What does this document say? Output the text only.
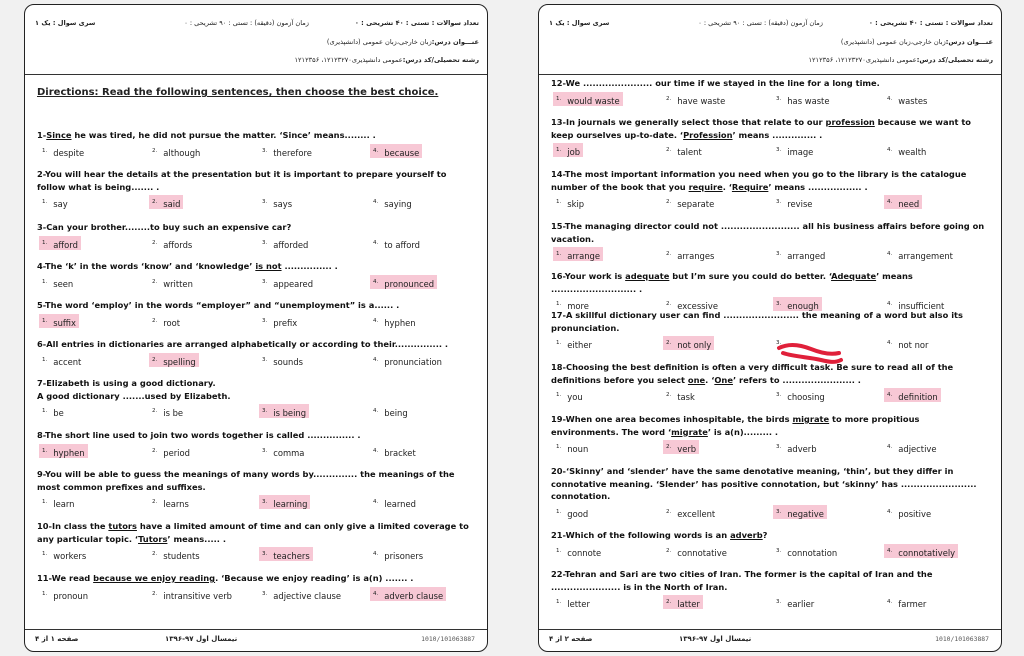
تعداد سوالات : تستی : ۴۰ تشریحی : ۰
زمان آزمون (دقیقه) : تستی : ۹۰ تشریحی : ۰
سری سوال : یک ۱
عنـــوان درس:زبان خارجی،زبان عمومی (دانشپذیری)
رشته تحصیلی/کد درس:عمومی دانشپذیری۱۲۱۲۳۲۷۰، ۱۲۱۲۳۵۶
Directions: Read the following sentences, then choose the best choice.
1-Since he was tired, he did not pursue the matter. ‘Since’ means........ .
$^{1.}$ despite	$^{2.}$ although	$^{3.}$ therefore	$^{4.}$ because
2-You will hear the details at the presentation but it is important to prepare yourself to follow what is being....... .
$^{1.}$ say	$^{2.}$ said	$^{3.}$ says	$^{4.}$ saying
3-Can your brother........to buy such an expensive car?
$^{1.}$ afford	$^{2.}$ affords	$^{3.}$ afforded	$^{4.}$ to afford
4-The ‘k’ in the words ‘know’ and ‘knowledge’ is not ............... .
$^{1.}$ seen	$^{2.}$ written	$^{3.}$ appeared	$^{4.}$ pronounced
5-The word ‘employ’ in the words “employer” and “unemployment” is a...... .
$^{1.}$ suffix	$^{2.}$ root	$^{3.}$ prefix	$^{4.}$ hyphen
6-All entries in dictionaries are arranged alphabetically or according to their............... .
$^{1.}$ accent	$^{2.}$ spelling	$^{3.}$ sounds	$^{4.}$ pronunciation
7-Elizabeth is using a good dictionary.
A good dictionary .......used by Elizabeth.
$^{1.}$ be	$^{2.}$ is be	$^{3.}$ is being	$^{4.}$ being
8-The short line used to join two words together is called ............... .
$^{1.}$ hyphen	$^{2.}$ period	$^{3.}$ comma	$^{4.}$ bracket
9-You will be able to guess the meanings of many words by.............. the meanings of the most common prefixes and suffixes.
$^{1.}$ learn	$^{2.}$ learns	$^{3.}$ learning	$^{4.}$ learned
10-In class the tutors have a limited amount of time and can only give a limited coverage to any particular topic. ‘Tutors’ means..... .
$^{1.}$ workers	$^{2.}$ students	$^{3.}$ teachers	$^{4.}$ prisoners
11-We read because we enjoy reading. ‘Because we enjoy reading’ is a(n) ....... .
$^{1.}$ pronoun	$^{2.}$ intransitive verb	$^{3.}$ adjective clause	$^{4.}$ adverb clause
صفحه ۱ از ۴	نیمسال اول ۹۷-۱۳۹۶	1010/101063887
تعداد سوالات : تستی : ۴۰ تشریحی : ۰
زمان آزمون (دقیقه) : تستی : ۹۰ تشریحی : ۰
سری سوال : یک ۱
عنـــوان درس:زبان خارجی،زبان عمومی (دانشپذیری)
رشته تحصیلی/کد درس:عمومی دانشپذیری۱۲۱۲۳۲۷۰، ۱۲۱۲۳۵۶
12-We ...................... our time if we stayed in the line for a long time.
$^{1.}$ would waste	$^{2.}$ have waste	$^{3.}$ has waste	$^{4.}$ wastes
13-In journals we generally select those that relate to our profession because we want to keep ourselves up-to-date. ‘Profession’ means .............. .
$^{1.}$ job	$^{2.}$ talent	$^{3.}$ image	$^{4.}$ wealth
14-The most important information you need when you go to the library is the catalogue number of the book that you require. ‘Require’ means ................. .
$^{1.}$ skip	$^{2.}$ separate	$^{3.}$ revise	$^{4.}$ need
15-The managing director could not ......................... all his business affairs before going on vacation.
$^{1.}$ arrange	$^{2.}$ arranges	$^{3.}$ arranged	$^{4.}$ arrangement
16-Your work is adequate but I’m sure you could do better. ‘Adequate’ means ........................... .
$^{1.}$ more	$^{2.}$ excessive	$^{3.}$ enough	$^{4.}$ insufficient
17-A skillful dictionary user can find ........................ the meaning of a word but also its pronunciation.
$^{1.}$ either	$^{2.}$ not only	$^{3.}$	$^{4.}$ not nor
18-Choosing the best definition is often a very difficult task. Be sure to read all of the definitions before you select one. ‘One’ refers to ....................... .
$^{1.}$ you	$^{2.}$ task	$^{3.}$ choosing	$^{4.}$ definition
19-When one area becomes inhospitable, the birds migrate to more propitious environments. The word ‘migrate’ is a(n)......... .
$^{1.}$ noun	$^{2.}$ verb	$^{3.}$ adverb	$^{4.}$ adjective
20-‘Skinny’ and ‘slender’ have the same denotative meaning, ‘thin’, but they differ in connotative meaning. ‘Slender’ has positive connotation, but ‘skinny’ has ........................ connotation.
$^{1.}$ good	$^{2.}$ excellent	$^{3.}$ negative	$^{4.}$ positive
21-Which of the following words is an adverb?
$^{1.}$ connote	$^{2.}$ connotative	$^{3.}$ connotation	$^{4.}$ connotatively
22-Tehran and Sari are two cities of Iran. The former is the capital of Iran and the ...................... is in the North of Iran.
$^{1.}$ letter	$^{2.}$ latter	$^{3.}$ earlier	$^{4.}$ farmer
صفحه ۲ از ۴	نیمسال اول ۹۷-۱۳۹۶	1010/101063887
